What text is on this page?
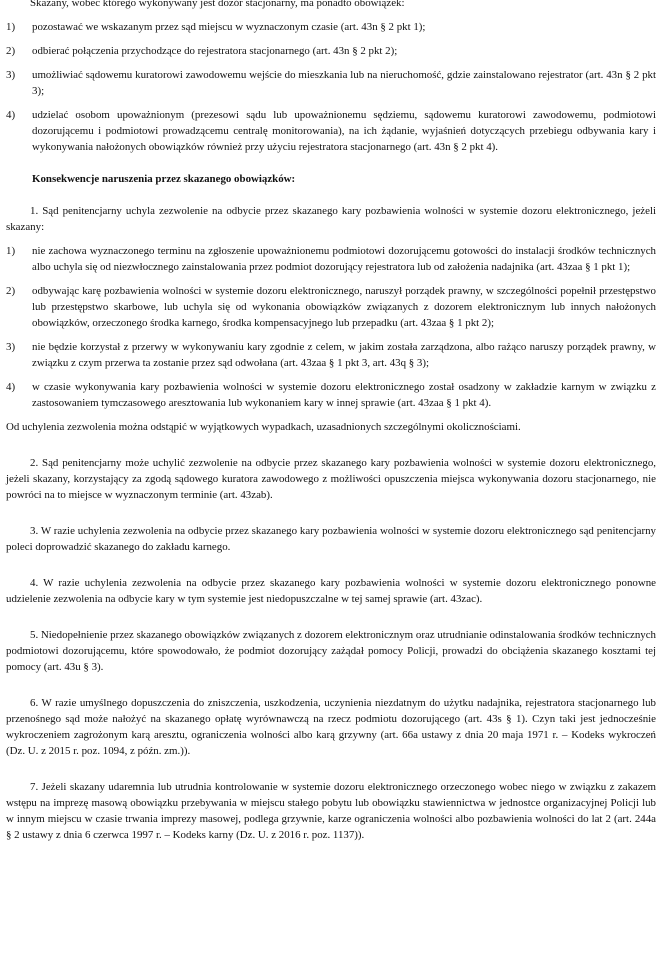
Skazany, wobec którego wykonywany jest dozór stacjonarny, ma ponadto obowiązek:

1) pozostawać we wskazanym przez sąd miejscu w wyznaczonym czasie (art. 43n § 2 pkt 1);
2) odbierać połączenia przychodzące do rejestratora stacjonarnego (art. 43n § 2 pkt 2);
3) umożliwiać sądowemu kuratorowi zawodowemu wejście do mieszkania lub na nieruchomość, gdzie zainstalowano rejestrator (art. 43n § 2 pkt 3);
4) udzielać osobom upoważnionym (prezesowi sądu lub upoważnionemu sędziemu, sądowemu kuratorowi zawodowemu, podmiotowi dozorującemu i podmiotowi prowadzącemu centralę monitorowania), na ich żądanie, wyjaśnień dotyczących przebiegu odbywania kary i wykonywania nałożonych obowiązków również przy użyciu rejestratora stacjonarnego (art. 43n § 2 pkt 4).

Konsekwencje naruszenia przez skazanego obowiązków:

1. Sąd penitencjarny uchyla zezwolenie na odbycie przez skazanego kary pozbawienia wolności w systemie dozoru elektronicznego, jeżeli skazany:

1) nie zachowa wyznaczonego terminu na zgłoszenie upoważnionemu podmiotowi dozorującemu gotowości do instalacji środków technicznych albo uchyla się od niezwłocznego zainstalowania przez podmiot dozorujący rejestratora lub od założenia nadajnika (art. 43zaa § 1 pkt 1);
2) odbywając karę pozbawienia wolności w systemie dozoru elektronicznego, naruszył porządek prawny, w szczególności popełnił przestępstwo lub przestępstwo skarbowe, lub uchyla się od wykonania obowiązków związanych z dozorem elektronicznym lub innych nałożonych obowiązków, orzeczonego środka karnego, środka kompensacyjnego lub przepadku (art. 43zaa § 1 pkt 2);
3) nie będzie korzystał z przerwy w wykonywaniu kary zgodnie z celem, w jakim została zarządzona, albo rażąco naruszy porządek prawny, w związku z czym przerwa ta zostanie przez sąd odwołana (art. 43zaa § 1 pkt 3, art. 43q § 3);
4) w czasie wykonywania kary pozbawienia wolności w systemie dozoru elektronicznego został osadzony w zakładzie karnym w związku z zastosowaniem tymczasowego aresztowania lub wykonaniem kary w innej sprawie (art. 43zaa § 1 pkt 4).

Od uchylenia zezwolenia można odstąpić w wyjątkowych wypadkach, uzasadnionych szczególnymi okolicznościami.

2. Sąd penitencjarny może uchylić zezwolenie na odbycie przez skazanego kary pozbawienia wolności w systemie dozoru elektronicznego, jeżeli skazany, korzystający za zgodą sądowego kuratora zawodowego z możliwości opuszczenia miejsca wykonywania dozoru stacjonarnego, nie powróci na to miejsce w wyznaczonym terminie (art. 43zab).

3. W razie uchylenia zezwolenia na odbycie przez skazanego kary pozbawienia wolności w systemie dozoru elektronicznego sąd penitencjarny poleci doprowadzić skazanego do zakładu karnego.

4. W razie uchylenia zezwolenia na odbycie przez skazanego kary pozbawienia wolności w systemie dozoru elektronicznego ponowne udzielenie zezwolenia na odbycie kary w tym systemie jest niedopuszczalne w tej samej sprawie (art. 43zac).

5. Niedopełnienie przez skazanego obowiązków związanych z dozorem elektronicznym oraz utrudnianie odinstalowania środków technicznych podmiotowi dozorującemu, które spowodowało, że podmiot dozorujący zażądał pomocy Policji, prowadzi do obciążenia skazanego kosztami tej pomocy (art. 43u § 3).

6. W razie umyślnego dopuszczenia do zniszczenia, uszkodzenia, uczynienia niezdatnym do użytku nadajnika, rejestratora stacjonarnego lub przenośnego sąd może nałożyć na skazanego opłatę wyrównawczą na rzecz podmiotu dozorującego (art. 43s § 1). Czyn taki jest jednocześnie wykroczeniem zagrożonym karą aresztu, ograniczenia wolności albo karą grzywny (art. 66a ustawy z dnia 20 maja 1971 r. – Kodeks wykroczeń (Dz. U. z 2015 r. poz. 1094, z późn. zm.)).

7. Jeżeli skazany udaremnia lub utrudnia kontrolowanie w systemie dozoru elektronicznego orzeczonego wobec niego w związku z zakazem wstępu na imprezę masową obowiązku przebywania w miejscu stałego pobytu lub obowiązku stawiennictwa w jednostce organizacyjnej Policji lub w innym miejscu w czasie trwania imprezy masowej, podlega grzywnie, karze ograniczenia wolności albo pozbawienia wolności do lat 2 (art. 244a § 2 ustawy z dnia 6 czerwca 1997 r. – Kodeks karny (Dz. U. z 2016 r. poz. 1137)).
